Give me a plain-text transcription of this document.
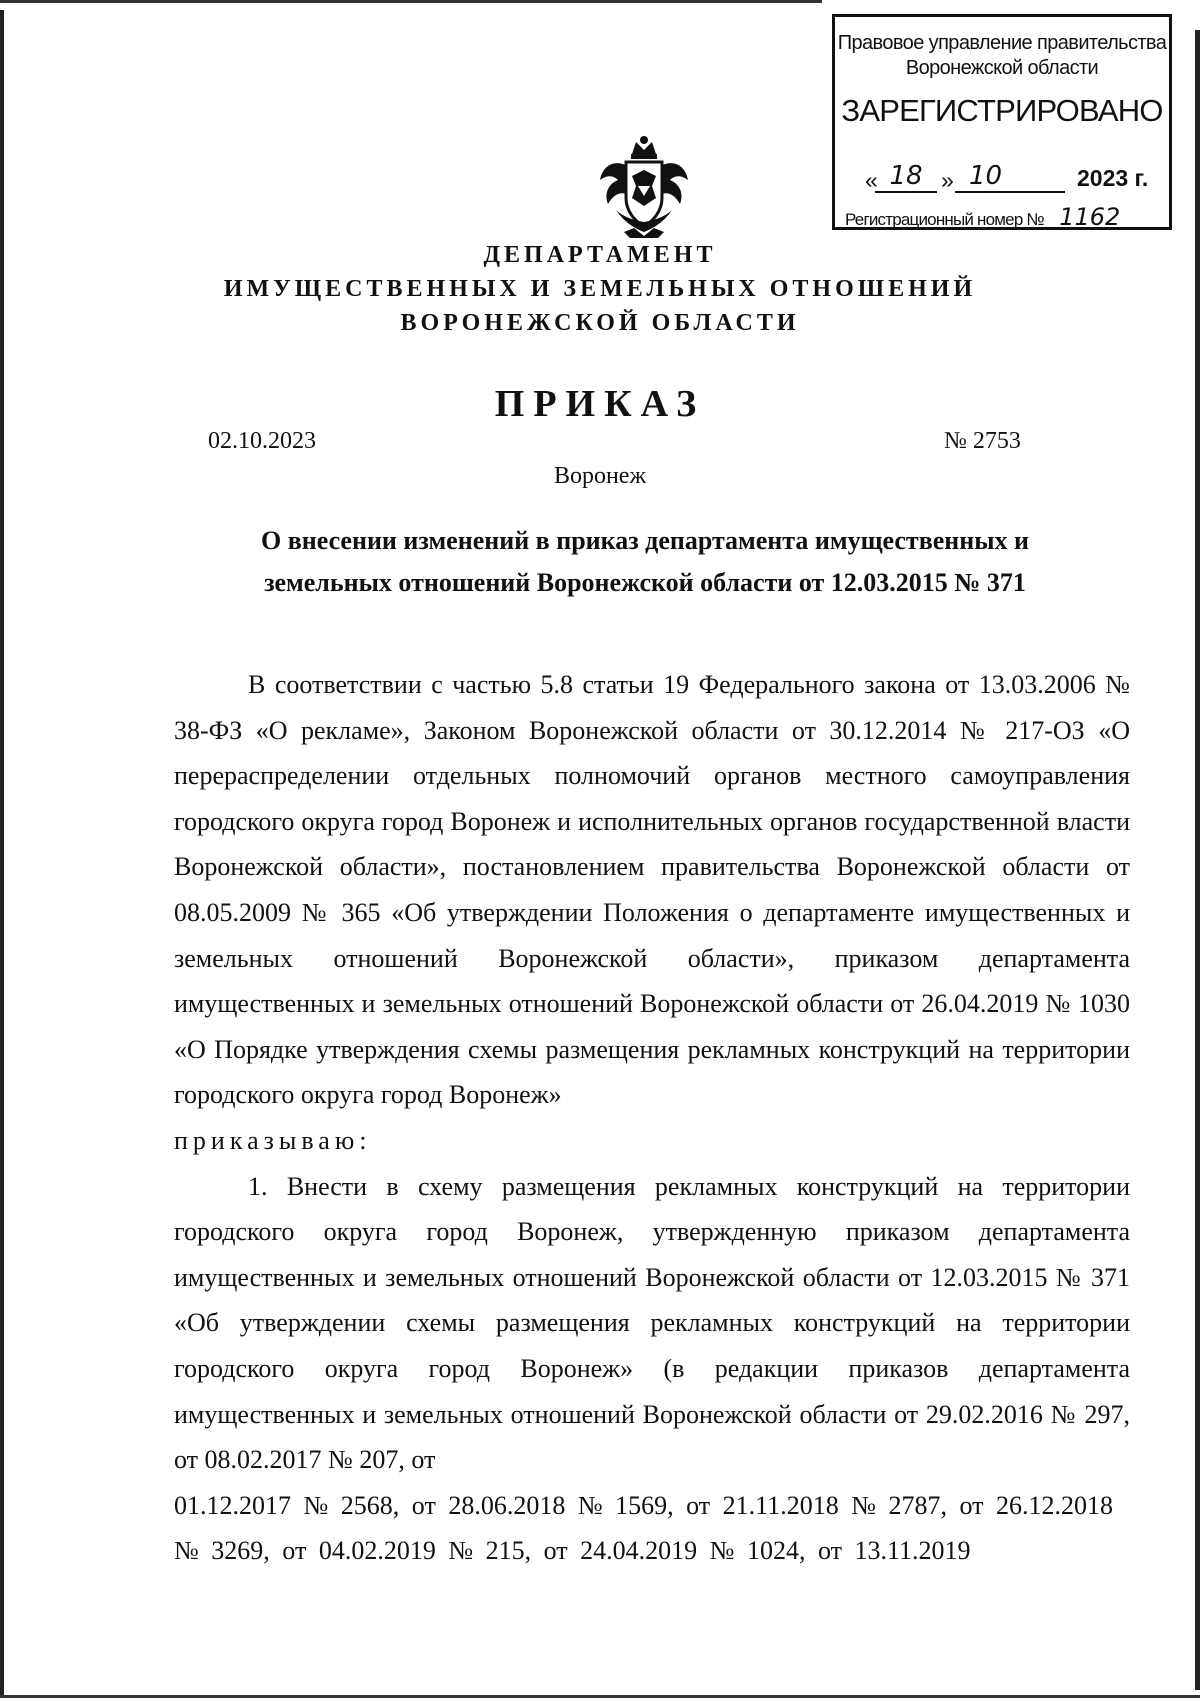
Правовое управление правительства
Воронежской области
ЗАРЕГИСТРИРОВАНО
« 18 » 10	2023 г.
Регистрационный номер № 1162
ДЕПАРТАМЕНТ
ИМУЩЕСТВЕННЫХ И ЗЕМЕЛЬНЫХ ОТНОШЕНИЙ
ВОРОНЕЖСКОЙ ОБЛАСТИ
ПРИКАЗ
02.10.2023	№ 2753
Воронеж
О внесении изменений в приказ департамента имущественных и
земельных отношений Воронежской области от 12.03.2015 № 371

В соответствии с частью 5.8 статьи 19 Федерального закона от 13.03.2006 № 38-ФЗ «О рекламе», Законом Воронежской области от 30.12.2014 № 217-ОЗ «О перераспределении отдельных полномочий органов местного самоуправления городского округа город Воронеж и исполнительных органов государственной власти Воронежской области», постановлением правительства Воронежской области от 08.05.2009 № 365 «Об утверждении Положения о департаменте имущественных и земельных отношений Воронежской области», приказом департамента имущественных и земельных отношений Воронежской области от 26.04.2019 № 1030 «О Порядке утверждения схемы размещения рекламных конструкций на территории городского округа город Воронеж»

приказываю:

1. Внести в схему размещения рекламных конструкций на территории городского округа город Воронеж, утвержденную приказом департамента имущественных и земельных отношений Воронежской области от 12.03.2015 № 371 «Об утверждении схемы размещения рекламных конструкций на территории городского округа город Воронеж» (в редакции приказов департамента имущественных и земельных отношений Воронежской области от 29.02.2016 № 297, от 08.02.2017 № 207, от

01.12.2017 № 2568, от 28.06.2018 № 1569, от 21.11.2018 № 2787, от 26.12.2018 № 3269, от 04.02.2019 № 215, от 24.04.2019 № 1024, от 13.11.2019
